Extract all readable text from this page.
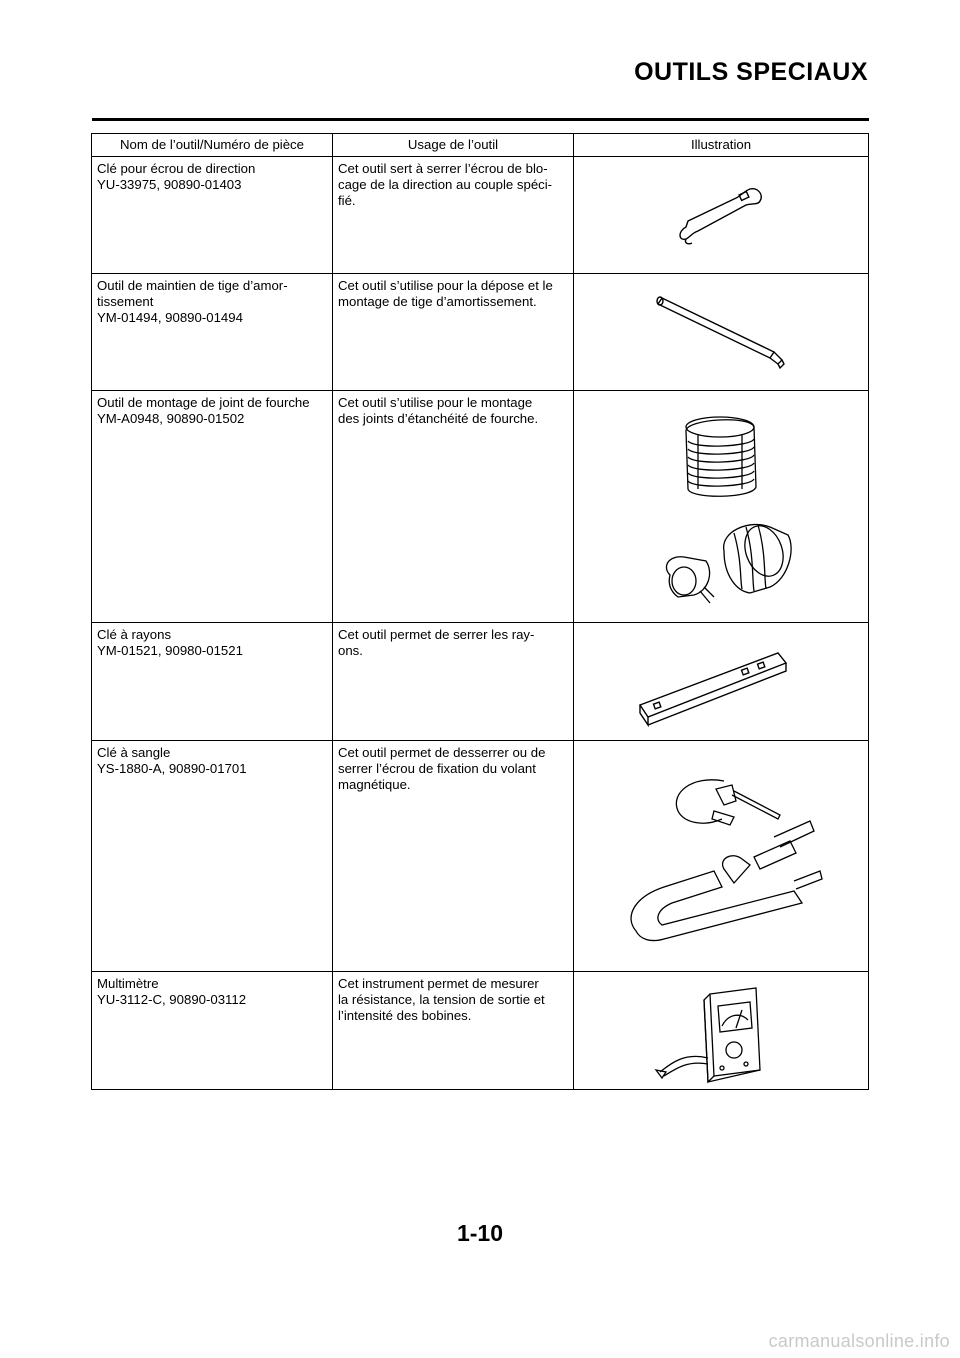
OUTILS SPECIAUX
Nom de l’outil/Numéro de pièce	Usage de l’outil	Illustration

Clé pour écrou de direction
YU-33975, 90890-01403	Cet outil sert à serrer l’écrou de blo-
cage de la direction au couple spéci-
fié.

Outil de maintien de tige d’amor-
tissement
YM-01494, 90890-01494	Cet outil s’utilise pour la dépose et le
montage de tige d’amortissement.

Outil de montage de joint de fourche
YM-A0948, 90890-01502	Cet outil s’utilise pour le montage
des joints d’étanchéité de fourche.

Clé à rayons
YM-01521, 90980-01521	Cet outil permet de serrer les ray-
ons.

Clé à sangle
YS-1880-A, 90890-01701	Cet outil permet de desserrer ou de
serrer l’écrou de fixation du volant
magnétique.

Multimètre
YU-3112-C, 90890-03112	Cet instrument permet de mesurer
la résistance, la tension de sortie et
l’intensité des bobines.

1-10
carmanualsonline.info
